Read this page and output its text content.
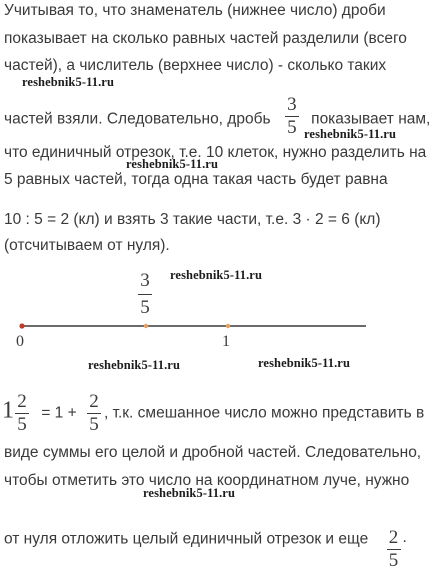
Учитывая то, что знаменатель (нижнее число) дроби
показывает на сколько равных частей разделили (всего
частей), а числитель (верхнее число) - сколько таких
частей взяли. Следовательно, дробь $\frac{3}{5}$ показывает нам,
что единичный отрезок, т.е. 10 клеток, нужно разделить на
5 равных частей, тогда одна такая часть будет равна
10 : 5 = 2 (кл) и взять 3 такие части, т.е. 3 · 2 = 6 (кл)
(отсчитываем от нуля).
3
5
0	1
$1 \frac{2}{5} = 1 + \frac{2}{5}$ , т.к. смешанное число можно представить в
виде суммы его целой и дробной частей. Следовательно,
чтобы отметить это число на координатном луче, нужно
от нуля отложить целый единичный отрезок и еще $\frac{2}{5}$ .
reshebnik5-11.ru
reshebnik5-11.ru
reshebnik5-11.ru
reshebnik5-11.ru
reshebnik5-11.ru	reshebnik5-11.ru
reshebnik5-11.ru
